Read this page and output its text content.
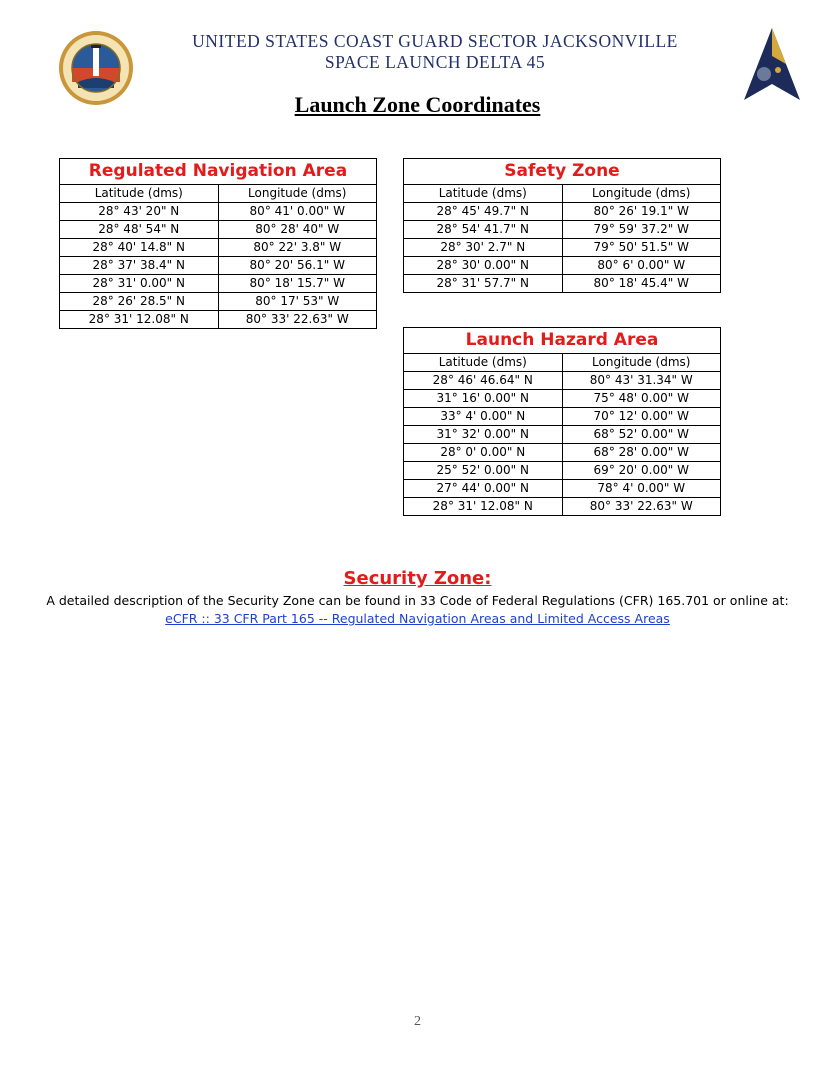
UNITED STATES COAST GUARD SECTOR JACKSONVILLE
SPACE LAUNCH DELTA 45
Launch Zone Coordinates
Regulated Navigation Area	
Latitude (dms)	Longitude (dms)
28° 43' 20" N	80° 41' 0.00" W
28° 48' 54" N	80° 28' 40" W
28° 40' 14.8" N	80° 22' 3.8" W
28° 37' 38.4" N	80° 20' 56.1" W
28° 31' 0.00" N	80° 18' 15.7" W
28° 26' 28.5" N	80° 17' 53" W
28° 31' 12.08" N	80° 33' 22.63" W
Safety Zone	
Latitude (dms)	Longitude (dms)
28° 45' 49.7" N	80° 26' 19.1" W
28° 54' 41.7" N	79° 59' 37.2" W
28° 30' 2.7" N	79° 50' 51.5" W
28° 30' 0.00" N	80° 6' 0.00" W
28° 31' 57.7" N	80° 18' 45.4" W
Launch Hazard Area	
Latitude (dms)	Longitude (dms)
28° 46' 46.64" N	80° 43' 31.34" W
31° 16' 0.00" N	75° 48' 0.00" W
33° 4' 0.00" N	70° 12' 0.00" W
31° 32' 0.00" N	68° 52' 0.00" W
28° 0' 0.00" N	68° 28' 0.00" W
25° 52' 0.00" N	69° 20' 0.00" W
27° 44' 0.00" N	78° 4' 0.00" W
28° 31' 12.08" N	80° 33' 22.63" W
Security Zone:
A detailed description of the Security Zone can be found in 33 Code of Federal Regulations (CFR) 165.701 or online at:
eCFR :: 33 CFR Part 165 -- Regulated Navigation Areas and Limited Access Areas
2
